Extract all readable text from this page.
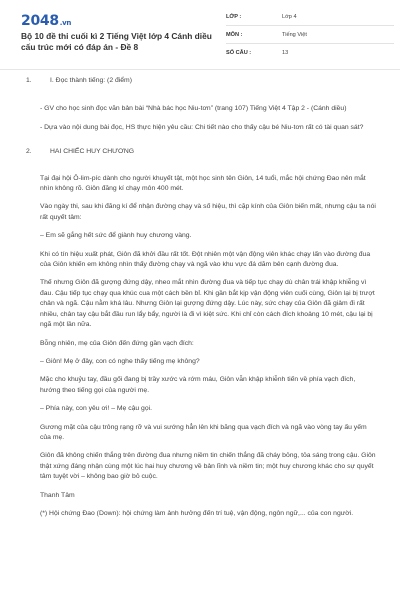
2048.vn
Bộ 10 đề thi cuối kì 2 Tiếng Việt lớp 4 Cánh diều cấu trúc mới có đáp án - Đề 8
LỚP :	Lớp 4
MÔN :	Tiếng Việt
SỐ CÂU :	13
1.	I. Đọc thành tiếng: (2 điểm)

- GV cho học sinh đọc văn bản bài “Nhà bác học Niu-tơn” (trang 107) Tiếng Việt 4 Tập 2 - (Cánh diều)

- Dựa vào nội dung bài đọc, HS thực hiện yêu cầu: Chi tiết nào cho thấy cậu bé Niu-tơn rất có tài quan sát?

2.	HAI CHIẾC HUY CHƯƠNG

Tại đại hội Ô-lim-píc dành cho người khuyết tật, một học sinh tên Giôn, 14 tuổi, mắc hội chứng Đao nên mắt nhìn không rõ. Giôn đăng kí chạy môn 400 mét.

Vào ngày thi, sau khi đăng kí để nhận đường chạy và số hiệu, thì cặp kính của Giôn biến mất, nhưng cậu ta nói rất quyết tâm:

– Em sẽ gắng hết sức để giành huy chương vàng.

Khi có tín hiệu xuất phát, Giôn đã khởi đầu rất tốt. Đột nhiên một vận động viên khác chạy lấn vào đường đua của Giôn khiến em không nhìn thấy đường chạy và ngã vào khu vực đá dăm bên cạnh đường đua.

Thế nhưng Giôn đã gượng đứng dậy, nheo mắt nhìn đường đua và tiếp tục chạy dù chân trái khập khiễng vì đau. Cậu tiếp tục chạy qua khúc cua một cách bền bỉ. Khi gần bắt kịp vận động viên cuối cùng, Giôn lại bị trượt chân và ngã. Cậu nằm khá lâu. Nhưng Giôn lại gượng đứng dậy. Lúc này, sức chạy của Giôn đã giảm đi rất nhiều, chân tay cậu bắt đầu run lẩy bẩy, người là đi vì kiệt sức. Khi chỉ còn cách đích khoảng 10 mét, cậu lại bị ngã một lần nữa.

Bỗng nhiên, mẹ của Giôn đến đứng gần vạch đích:

– Giôn! Mẹ ở đây, con có nghe thấy tiếng mẹ không?

Mặc cho khuỷu tay, đầu gối đang bị trầy xước và rớm máu, Giôn vẫn khập khiễnh tiến về phía vạch đích, hướng theo tiếng gọi của người mẹ.

– Phía này, con yêu ơi! – Mẹ cậu gọi.

Gương mặt của cậu trông rạng rỡ và vui sướng hẳn lên khi băng qua vạch đích và ngã vào vòng tay ấu yếm của mẹ.

Giôn đã không chiến thắng trên đường đua nhưng niềm tin chiến thắng đã cháy bỏng, tỏa sáng trong cậu. Giôn thật xứng đáng nhận cùng một lúc hai huy chương về bản lĩnh và niềm tin; một huy chương khác cho sự quyết tâm tuyệt vời – không bao giờ bỏ cuộc.

Thanh Tâm

(*) Hội chứng Đao (Down): hội chứng làm ảnh hưởng đến trí tuệ, vận động, ngôn ngữ,... của con người.
